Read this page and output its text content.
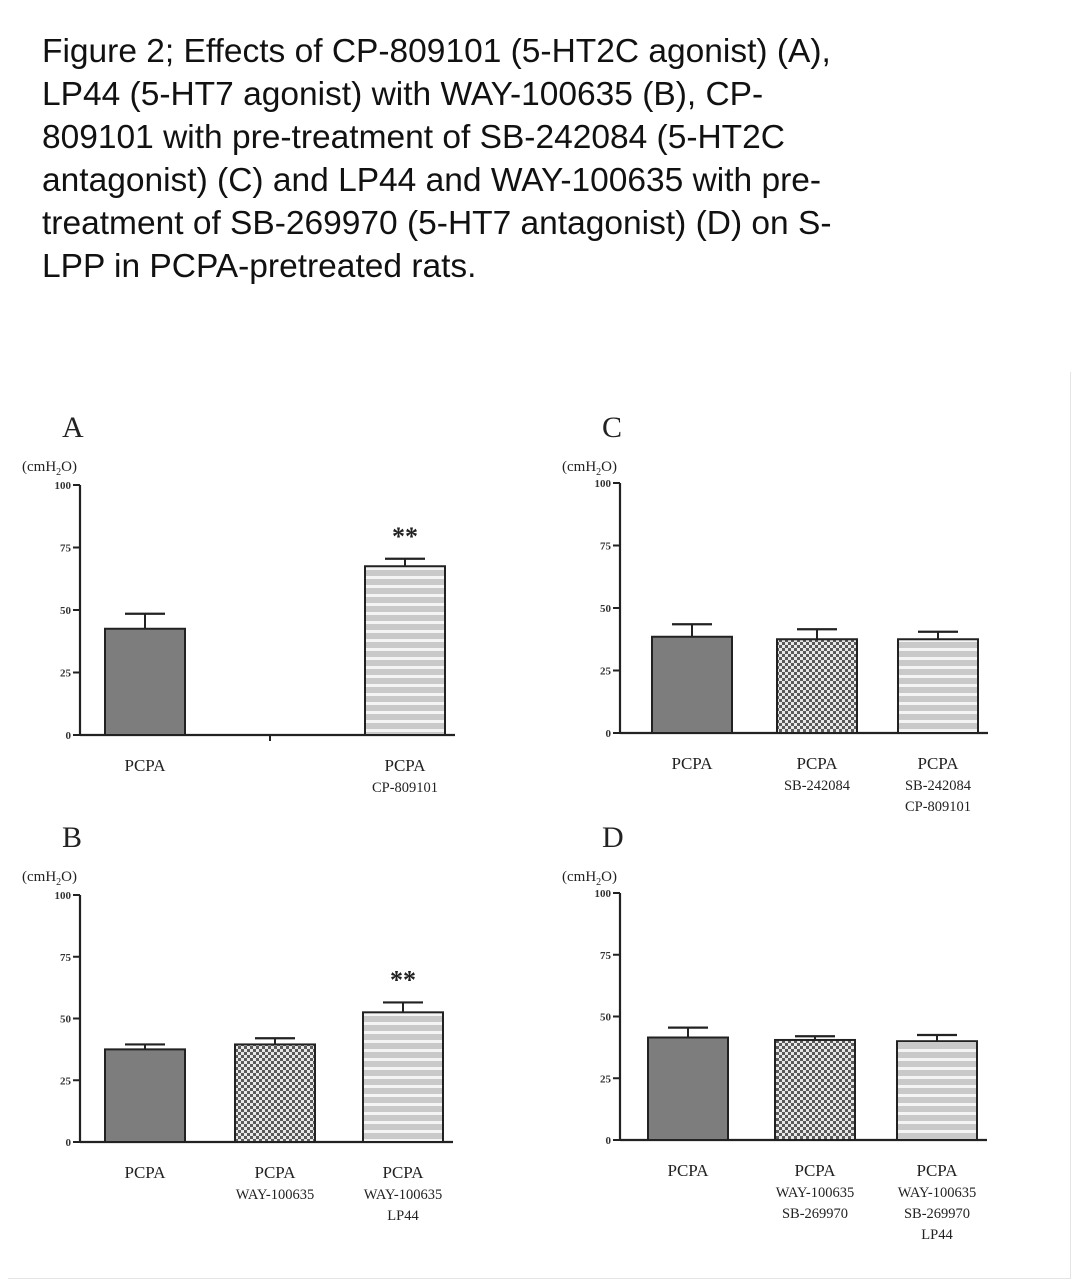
Figure 2; Effects of CP-809101 (5-HT2C agonist) (A),
LP44 (5-HT7 agonist) with WAY-100635 (B), CP-
809101 with pre-treatment of SB-242084 (5-HT2C
antagonist) (C) and LP44 and WAY-100635 with pre-
treatment of SB-269970 (5-HT7 antagonist) (D) on S-
LPP in PCPA-pretreated rats.

A
(cmH$_2$O)
0
25
50
75
100
PCPA
**
PCPA
CP-809101
C
(cmH$_2$O)
0
25
50
75
100
PCPA	PCPA
SB-242084
PCPA
SB-242084
CP-809101
B
(cmH$_2$O)
0
25
50
75
100
PCPA	PCPA
WAY-100635
**
PCPA
WAY-100635
LP44
D
(cmH$_2$O)
0
25
50
75
100
PCPA	PCPA
WAY-100635
SB-269970
PCPA
WAY-100635
SB-269970
LP44
